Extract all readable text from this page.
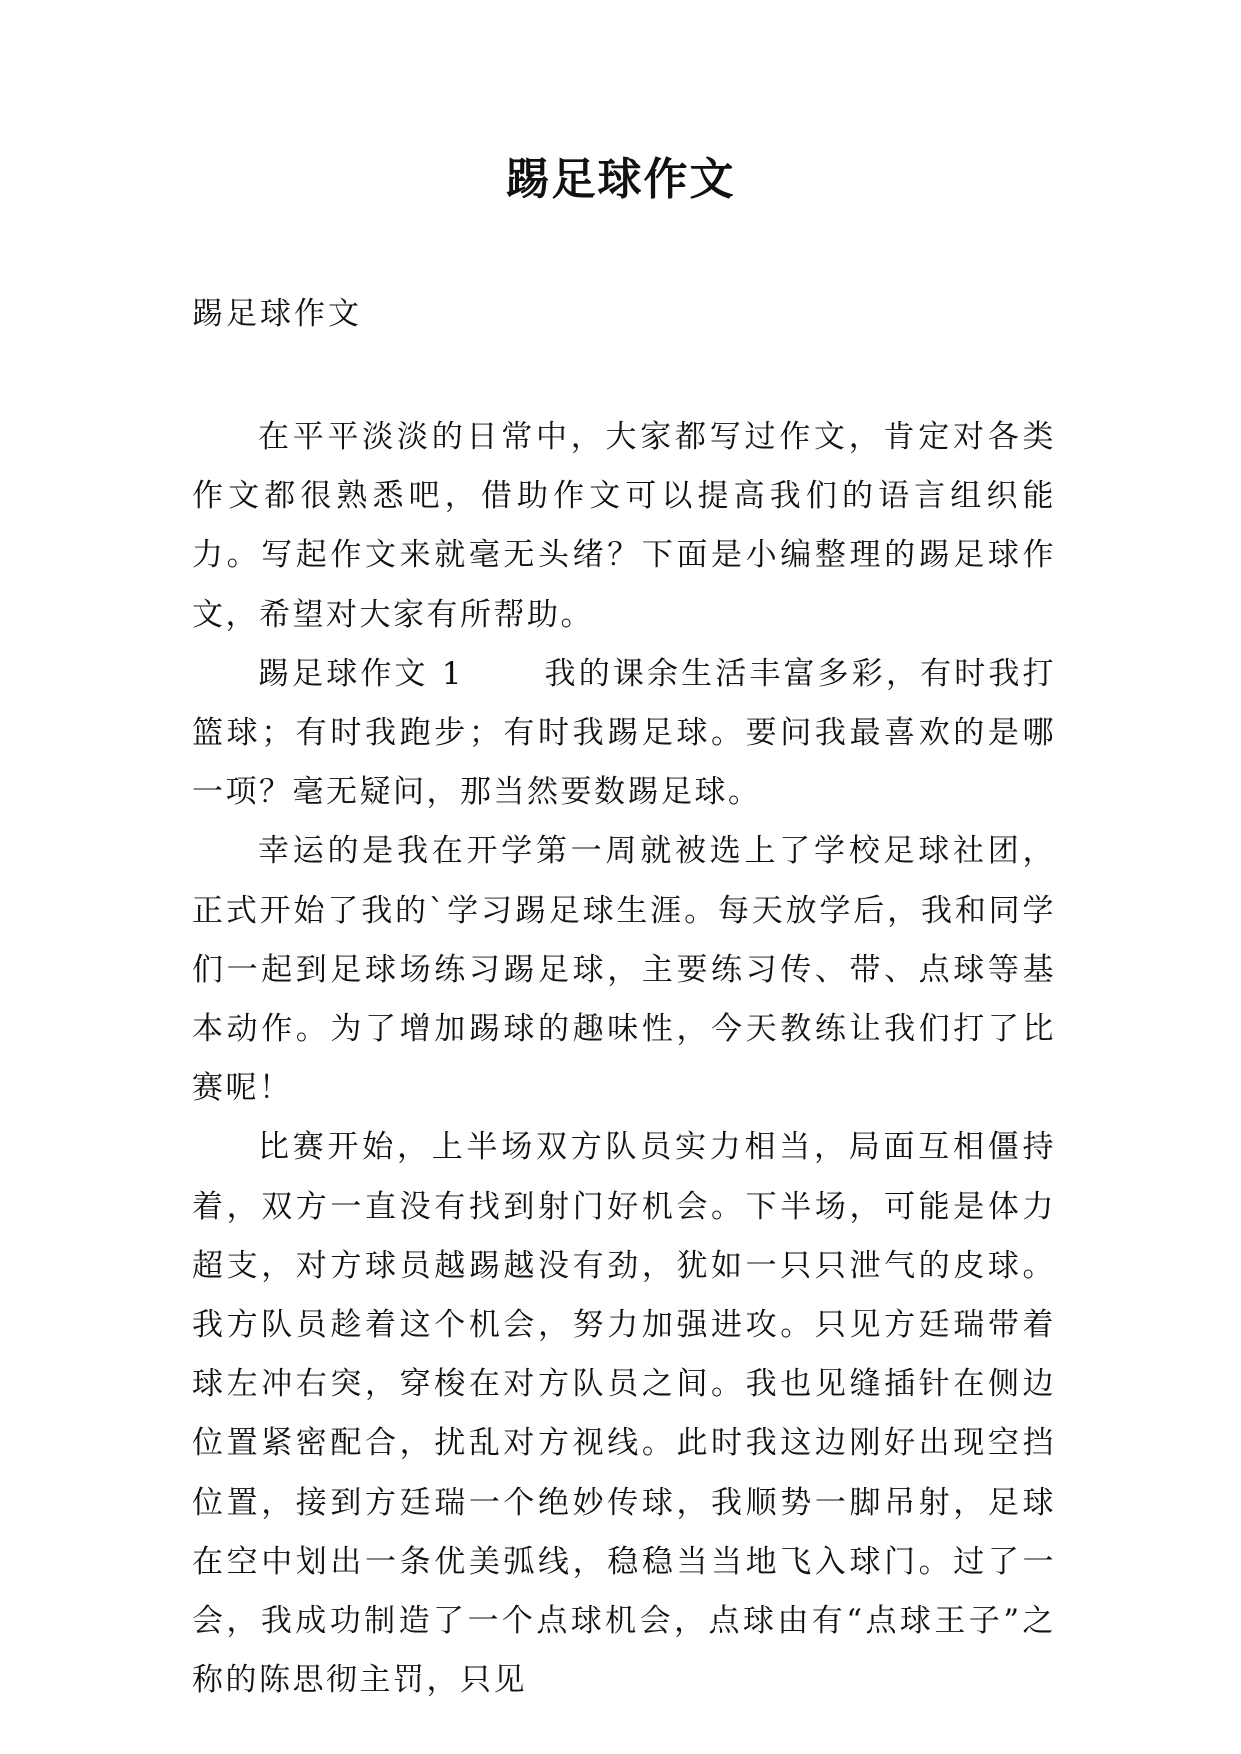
踢足球作文
踢足球作文

在平平淡淡的日常中，大家都写过作文，肯定对各类作文都很熟悉吧，借助作文可以提高我们的语言组织能力。写起作文来就毫无头绪？下面是小编整理的踢足球作文，希望对大家有所帮助。

踢足球作文 1	我的课余生活丰富多彩，有时我打篮球；有时我跑步；有时我踢足球。要问我最喜欢的是哪一项？毫无疑问，那当然要数踢足球。

幸运的是我在开学第一周就被选上了学校足球社团，正式开始了我的`学习踢足球生涯。每天放学后，我和同学们一起到足球场练习踢足球，主要练习传、带、点球等基本动作。为了增加踢球的趣味性，今天教练让我们打了比赛呢！

比赛开始，上半场双方队员实力相当，局面互相僵持着，双方一直没有找到射门好机会。下半场，可能是体力超支，对方球员越踢越没有劲，犹如一只只泄气的皮球。我方队员趁着这个机会，努力加强进攻。只见方廷瑞带着球左冲右突，穿梭在对方队员之间。我也见缝插针在侧边位置紧密配合，扰乱对方视线。此时我这边刚好出现空挡位置，接到方廷瑞一个绝妙传球，我顺势一脚吊射，足球在空中划出一条优美弧线，稳稳当当地飞入球门。过了一会，我成功制造了一个点球机会，点球由有“点球王子”之称的陈思彻主罚，只见
